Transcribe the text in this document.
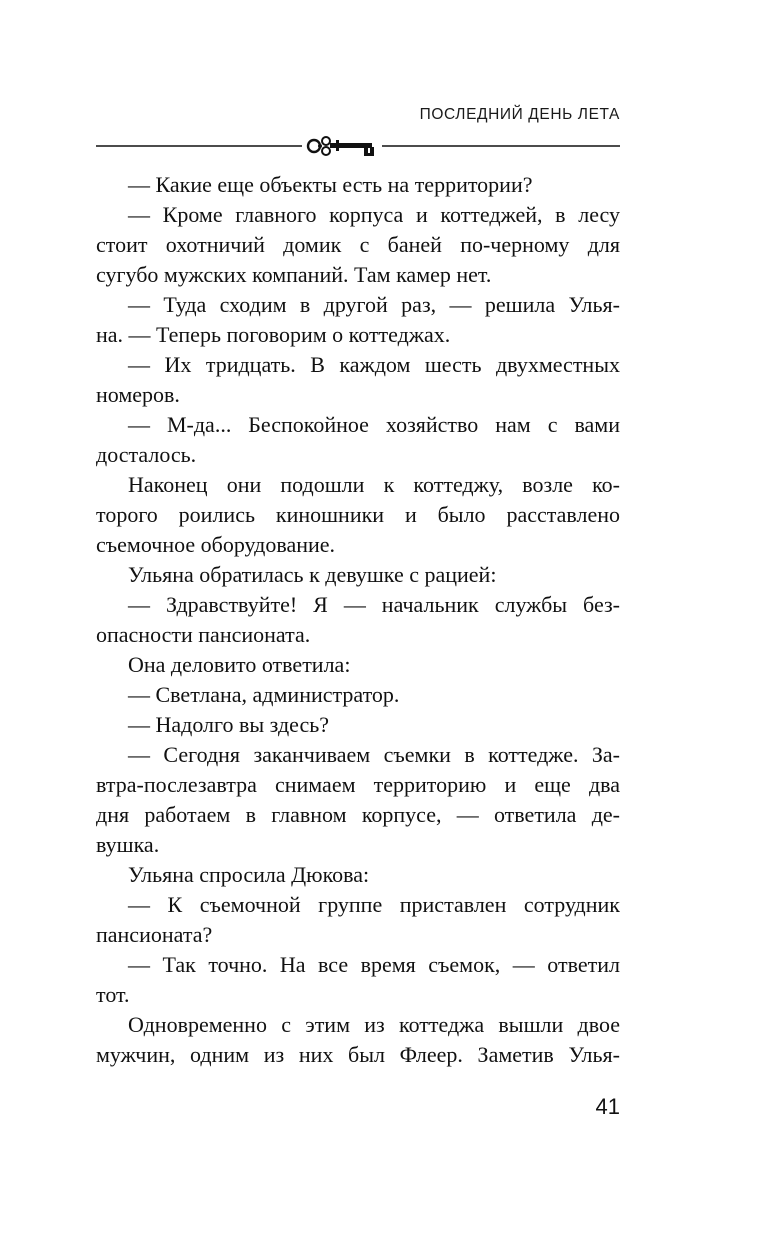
ПОСЛЕДНИЙ ДЕНЬ ЛЕТА
— Какие еще объекты есть на территории?
— Кроме главного корпуса и коттеджей, в лесу
стоит охотничий домик с баней по-черному для
сугубо мужских компаний. Там камер нет.
— Туда сходим в другой раз, — решила Улья-
на. — Теперь поговорим о коттеджах.
— Их тридцать. В каждом шесть двухместных
номеров.
— М-да... Беспокойное хозяйство нам с вами
досталось.
Наконец они подошли к коттеджу, возле ко-
торого роились киношники и было расставлено
съемочное оборудование.
Ульяна обратилась к девушке с рацией:
— Здравствуйте! Я — начальник службы без-
опасности пансионата.
Она деловито ответила:
— Светлана, администратор.
— Надолго вы здесь?
— Сегодня заканчиваем съемки в коттедже. За-
втра-послезавтра снимаем территорию и еще два
дня работаем в главном корпусе, — ответила де-
вушка.
Ульяна спросила Дюкова:
— К съемочной группе приставлен сотрудник
пансионата?
— Так точно. На все время съемок, — ответил
тот.
Одновременно с этим из коттеджа вышли двое
мужчин, одним из них был Флеер. Заметив Улья-
41
